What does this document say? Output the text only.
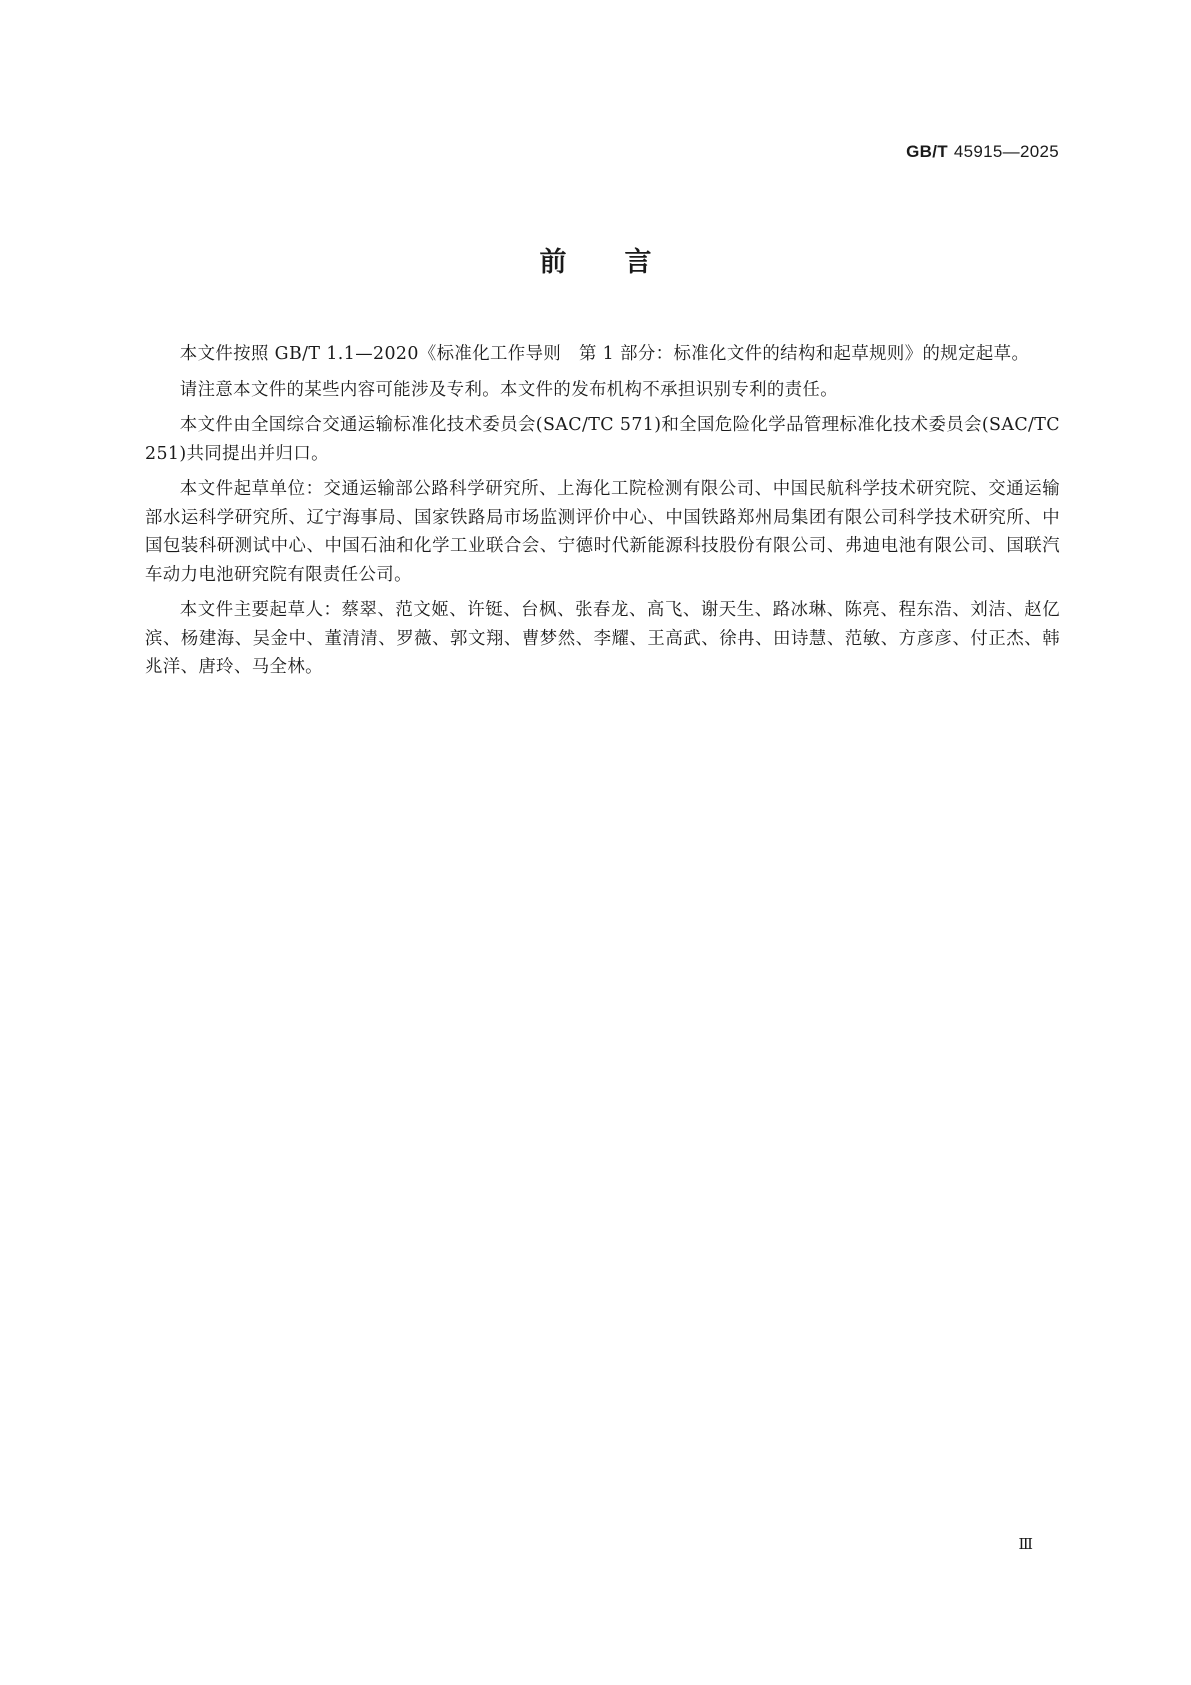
GB/T 45915—2025
前言

本文件按照 GB/T 1.1—2020《标准化工作导则　第 1 部分：标准化文件的结构和起草规则》的规定起草。

请注意本文件的某些内容可能涉及专利。本文件的发布机构不承担识别专利的责任。

本文件由全国综合交通运输标准化技术委员会(SAC/TC 571)和全国危险化学品管理标准化技术委员会(SAC/TC 251)共同提出并归口。

本文件起草单位：交通运输部公路科学研究所、上海化工院检测有限公司、中国民航科学技术研究院、交通运输部水运科学研究所、辽宁海事局、国家铁路局市场监测评价中心、中国铁路郑州局集团有限公司科学技术研究所、中国包装科研测试中心、中国石油和化学工业联合会、宁德时代新能源科技股份有限公司、弗迪电池有限公司、国联汽车动力电池研究院有限责任公司。

本文件主要起草人：蔡翠、范文姬、许铤、台枫、张春龙、高飞、谢天生、路冰琳、陈亮、程东浩、刘洁、赵亿滨、杨建海、吴金中、董清清、罗薇、郭文翔、曹梦然、李耀、王高武、徐冉、田诗慧、范敏、方彦彦、付正杰、韩兆洋、唐玲、马全林。

Ⅲ
